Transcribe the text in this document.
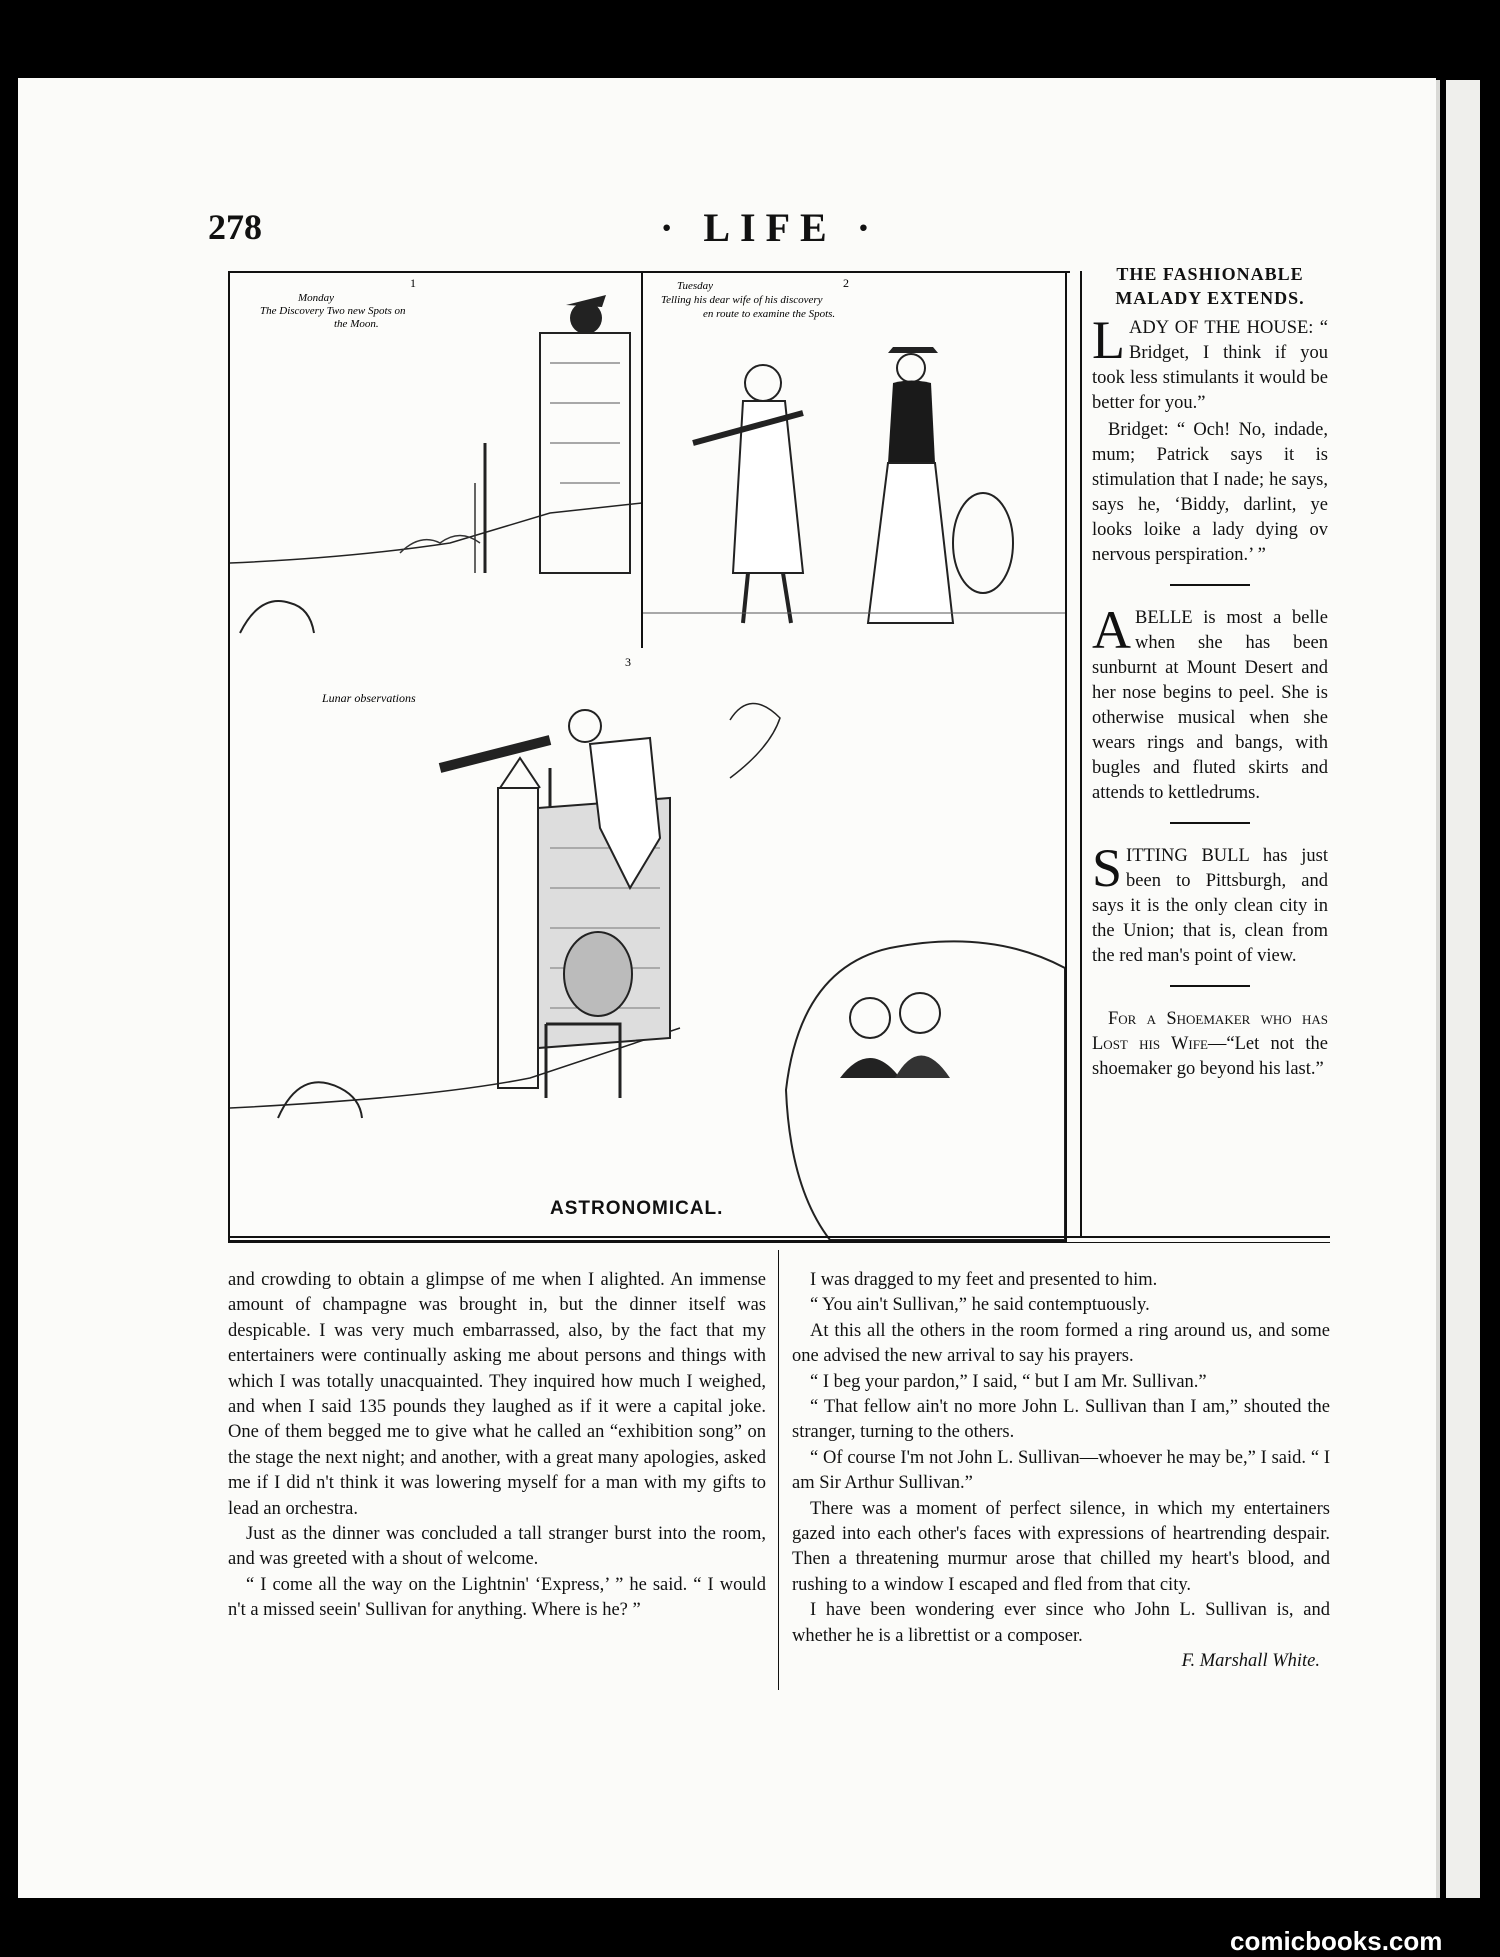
278	· LIFE ·
1
Monday
The Discovery Two new Spots on
the Moon.
2
Tuesday
Telling his dear wife of his discovery
en route to examine the Spots.
3
Lunar observations
ASTRONOMICAL.
THE FASHIONABLE MALADY EXTENDS.

LADY OF THE HOUSE: “ Bridget, I think if you took less stimulants it would be better for you.”

Bridget: “ Och! No, indade, mum; Patrick says it is stimulation that I nade; he says, says he, ‘Biddy, darlint, ye looks loike a lady dying ov nervous perspiration.’ ”

ABELLE is most a belle when she has been sunburnt at Mount Desert and her nose begins to peel. She is otherwise musical when she wears rings and bangs, with bugles and fluted skirts and attends to kettledrums.

SITTING BULL has just been to Pittsburgh, and says it is the only clean city in the Union; that is, clean from the red man's point of view.

For a Shoemaker who has Lost his Wife—“Let not the shoemaker go beyond his last.”

and crowding to obtain a glimpse of me when I alighted. An immense amount of champagne was brought in, but the dinner itself was despicable. I was very much embarrassed, also, by the fact that my entertainers were continually asking me about persons and things with which I was totally unacquainted. They inquired how much I weighed, and when I said 135 pounds they laughed as if it were a capital joke. One of them begged me to give what he called an “exhibition song” on the stage the next night; and another, with a great many apologies, asked me if I did n't think it was lowering myself for a man with my gifts to lead an orchestra.

Just as the dinner was concluded a tall stranger burst into the room, and was greeted with a shout of welcome.

“ I come all the way on the Lightnin' ‘Express,’ ” he said. “ I would n't a missed seein' Sullivan for anything. Where is he? ”

I was dragged to my feet and presented to him.

“ You ain't Sullivan,” he said contemptuously.

At this all the others in the room formed a ring around us, and some one advised the new arrival to say his prayers.

“ I beg your pardon,” I said, “ but I am Mr. Sullivan.”

“ That fellow ain't no more John L. Sullivan than I am,” shouted the stranger, turning to the others.

“ Of course I'm not John L. Sullivan—whoever he may be,” I said. “ I am Sir Arthur Sullivan.”

There was a moment of perfect silence, in which my entertainers gazed into each other's faces with expressions of heartrending despair. Then a threatening murmur arose that chilled my heart's blood, and rushing to a window I escaped and fled from that city.

I have been wondering ever since who John L. Sullivan is, and whether he is a librettist or a composer.

F. Marshall White.

comicbooks.com
